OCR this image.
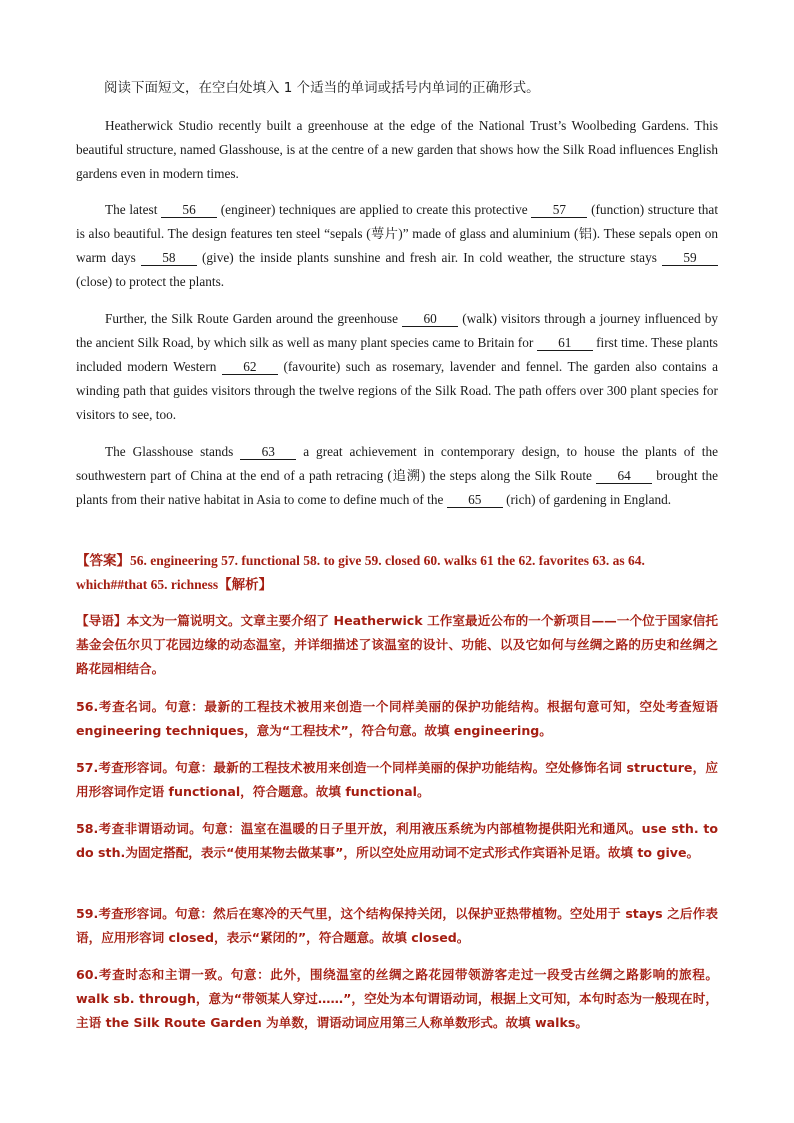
阅读下面短文，在空白处填入 1 个适当的单词或括号内单词的正确形式。

Heatherwick Studio recently built a greenhouse at the edge of the National Trust’s Woolbeding Gardens. This beautiful structure, named Glasshouse, is at the centre of a new garden that shows how the Silk Road influences English gardens even in modern times.

The latest 56 (engineer) techniques are applied to create this protective 57 (function) structure that is also beautiful. The design features ten steel “sepals (萼片)” made of glass and aluminium (铝). These sepals open on warm days 58 (give) the inside plants sunshine and fresh air. In cold weather, the structure stays 59 (close) to protect the plants.

Further, the Silk Route Garden around the greenhouse 60 (walk) visitors through a journey influenced by the ancient Silk Road, by which silk as well as many plant species came to Britain for 61 first time. These plants included modern Western 62 (favourite) such as rosemary, lavender and fennel. The garden also contains a winding path that guides visitors through the twelve regions of the Silk Road. The path offers over 300 plant species for visitors to see, too.

The Glasshouse stands 63 a great achievement in contemporary design, to house the plants of the southwestern part of China at the end of a path retracing (追溯) the steps along the Silk Route 64 brought the plants from their native habitat in Asia to come to define much of the 65 (rich) of gardening in England.

【答案】56. engineering 57. functional 58. to give 59. closed 60. walks 61 the 62. favorites 63. as 64. which##that 65. richness【解析】

【导语】本文为一篇说明文。文章主要介绍了 Heatherwick 工作室最近公布的一个新项目——一个位于国家信托基金会伍尔贝丁花园边缘的动态温室，并详细描述了该温室的设计、功能、以及它如何与丝绸之路的历史和丝绸之路花园相结合。

56.考查名词。句意：最新的工程技术被用来创造一个同样美丽的保护功能结构。根据句意可知，空处考查短语 engineering techniques，意为“工程技术”，符合句意。故填 engineering。

57.考查形容词。句意：最新的工程技术被用来创造一个同样美丽的保护功能结构。空处修饰名词 structure，应用形容词作定语 functional，符合题意。故填 functional。

58.考查非谓语动词。句意：温室在温暖的日子里开放，利用液压系统为内部植物提供阳光和通风。use sth. to do sth.为固定搭配，表示“使用某物去做某事”，所以空处应用动词不定式形式作宾语补足语。故填 to give。

59.考查形容词。句意：然后在寒冷的天气里，这个结构保持关闭，以保护亚热带植物。空处用于 stays 之后作表语，应用形容词 closed，表示“紧闭的”，符合题意。故填 closed。

60.考查时态和主谓一致。句意：此外，围绕温室的丝绸之路花园带领游客走过一段受古丝绸之路影响的旅程。walk sb. through，意为“带领某人穿过……”，空处为本句谓语动词，根据上文可知，本句时态为一般现在时，主语 the Silk Route Garden 为单数，谓语动词应用第三人称单数形式。故填 walks。
